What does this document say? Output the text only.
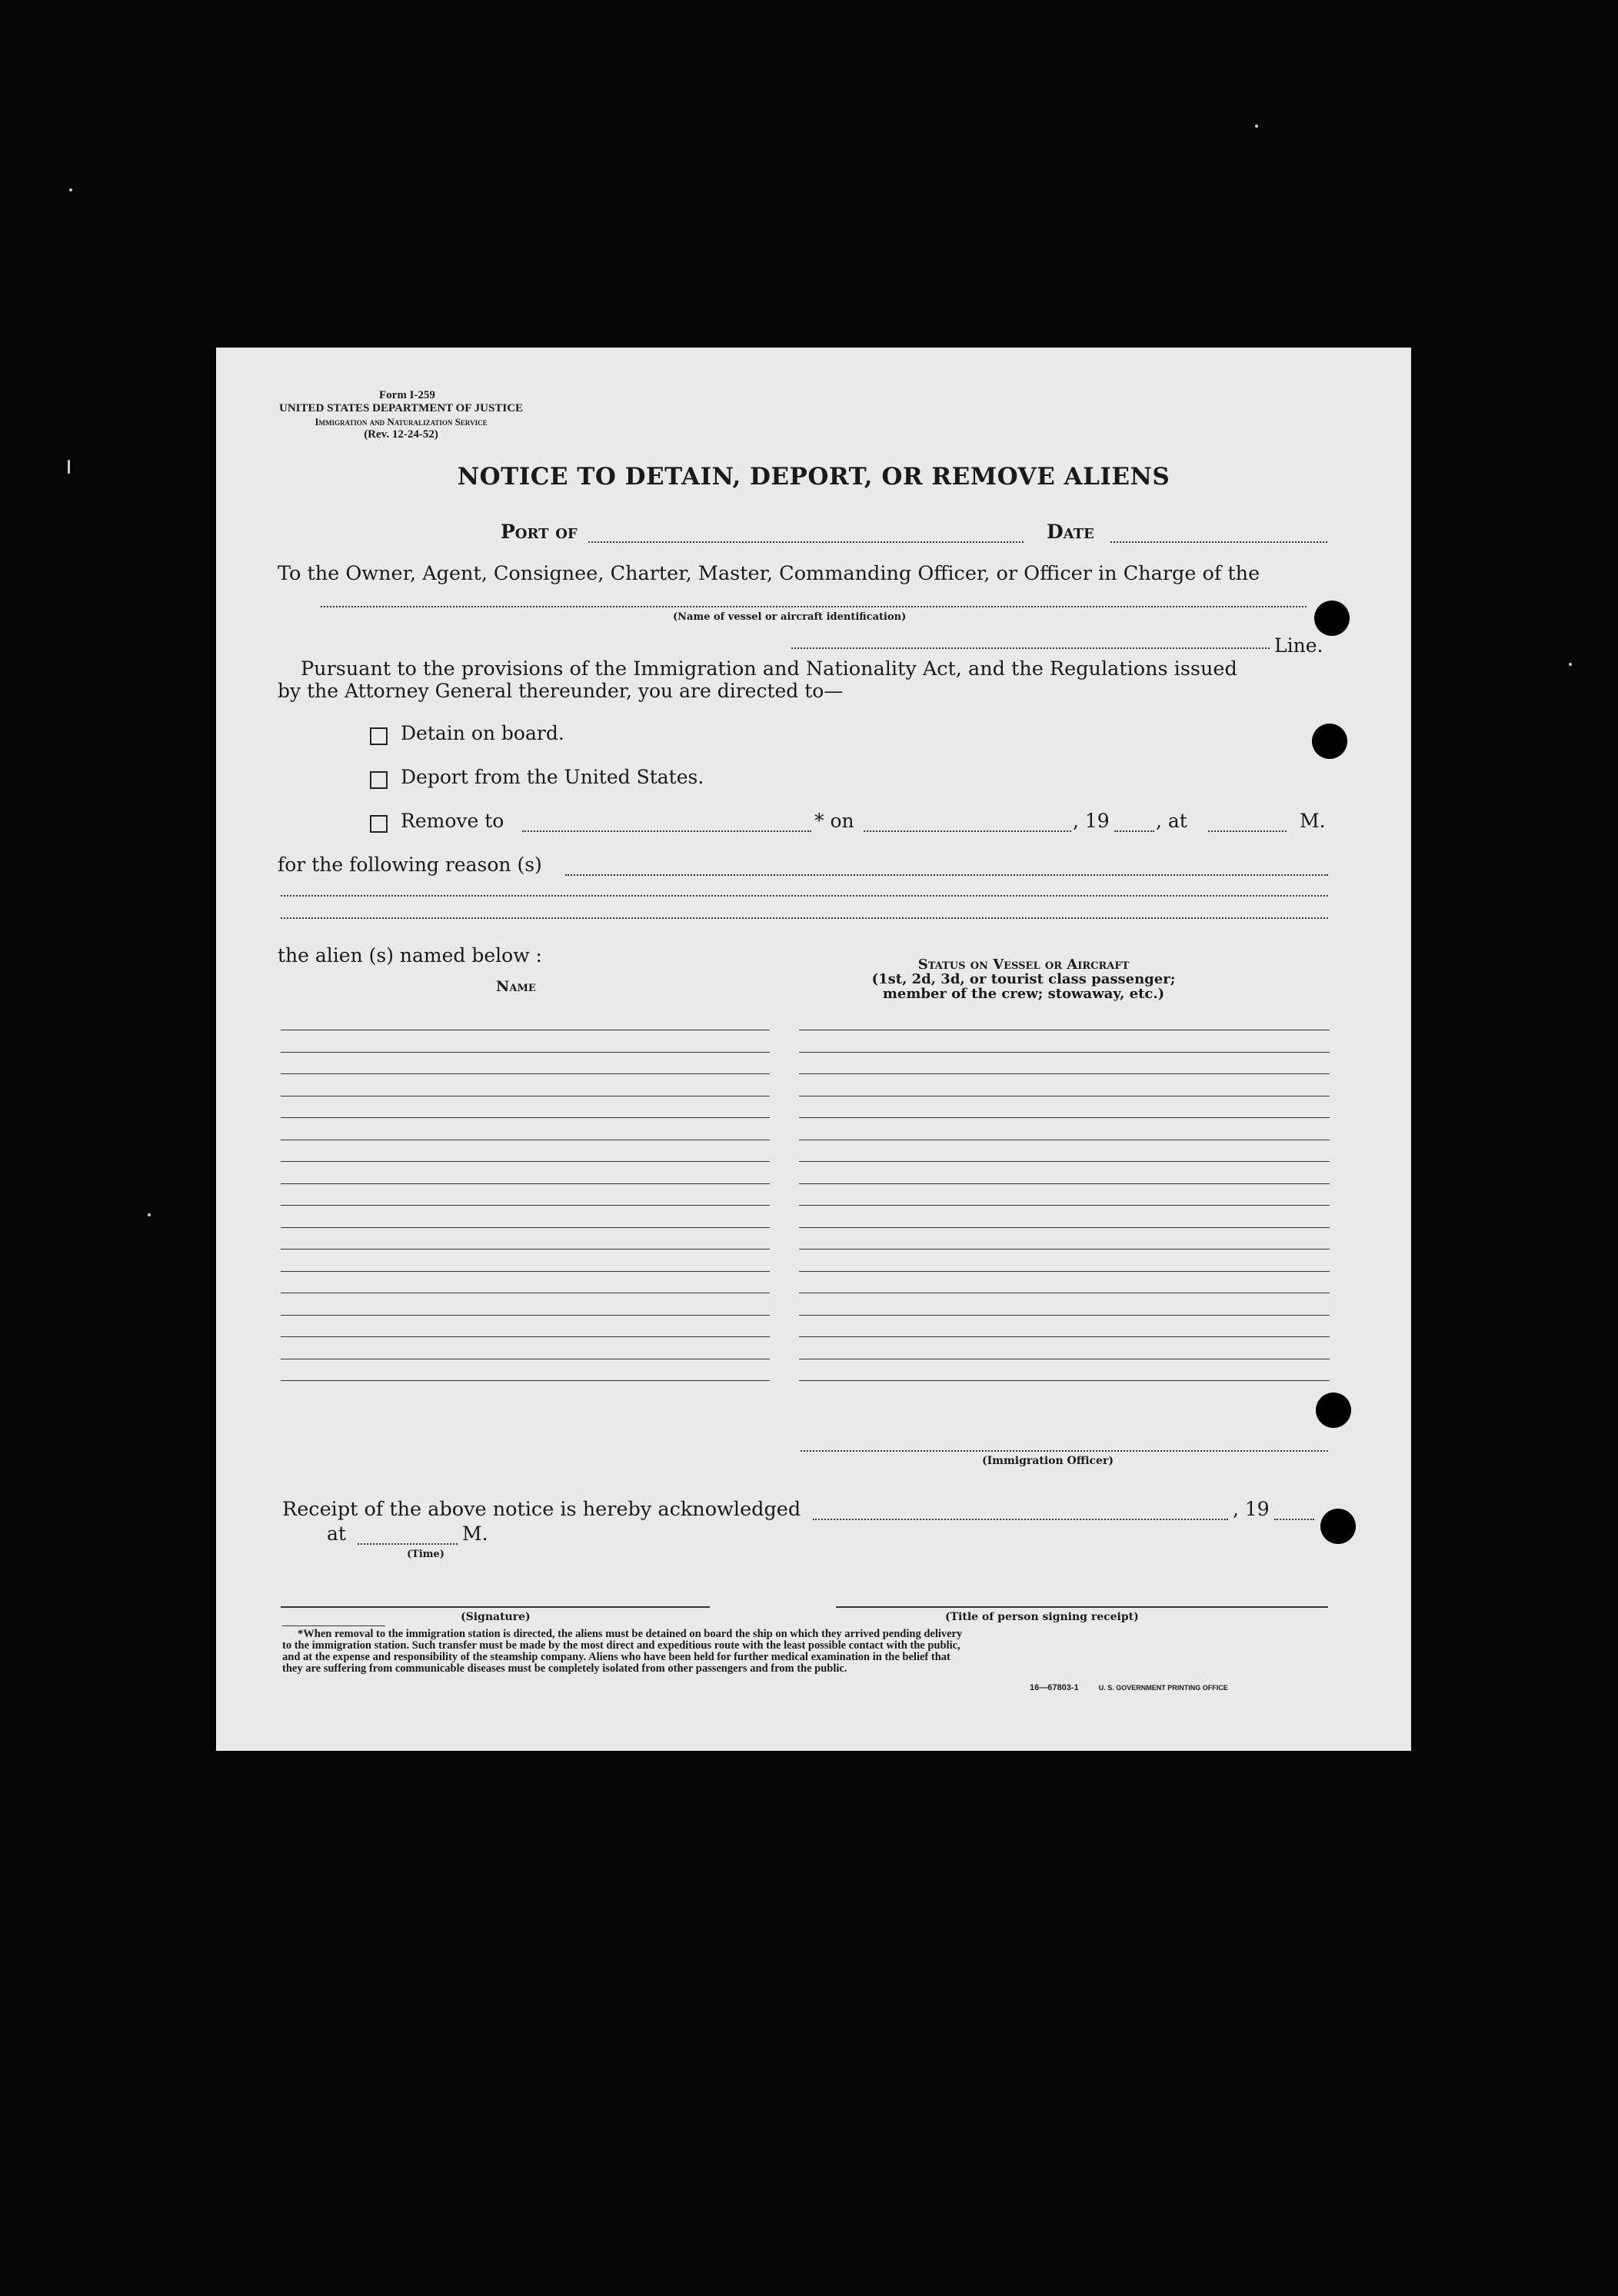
Form I-259
UNITED STATES DEPARTMENT OF JUSTICE
Immigration and Naturalization Service
(Rev. 12-24-52)
NOTICE TO DETAIN, DEPORT, OR REMOVE ALIENS
Port of	Date
To the Owner, Agent, Consignee, Charter, Master, Commanding Officer, or Officer in Charge of the
(Name of vessel or aircraft identification)
Line.
Pursuant to the provisions of the Immigration and Nationality Act, and the Regulations issued
by the Attorney General thereunder, you are directed to—
Detain on board.
Deport from the United States.
Remove to	* on	, 19 , at	M.
for the following reason (s)
the alien (s) named below :
Name
Status on Vessel or Aircraft
(1st, 2d, 3d, or tourist class passenger;
member of the crew; stowaway, etc.)
(Immigration Officer)
Receipt of the above notice is hereby acknowledged	, 19
at
(Time)
M.
(Signature)	(Title of person signing receipt)
*When removal to the immigration station is directed, the aliens must be detained on board the ship on which they arrived pending delivery
to the immigration station. Such transfer must be made by the most direct and expeditious route with the least possible contact with the public,
and at the expense and responsibility of the steamship company. Aliens who have been held for further medical examination in the belief that
they are suffering from communicable diseases must be completely isolated from other passengers and from the public.
16—67803-1	U. S. GOVERNMENT PRINTING OFFICE
